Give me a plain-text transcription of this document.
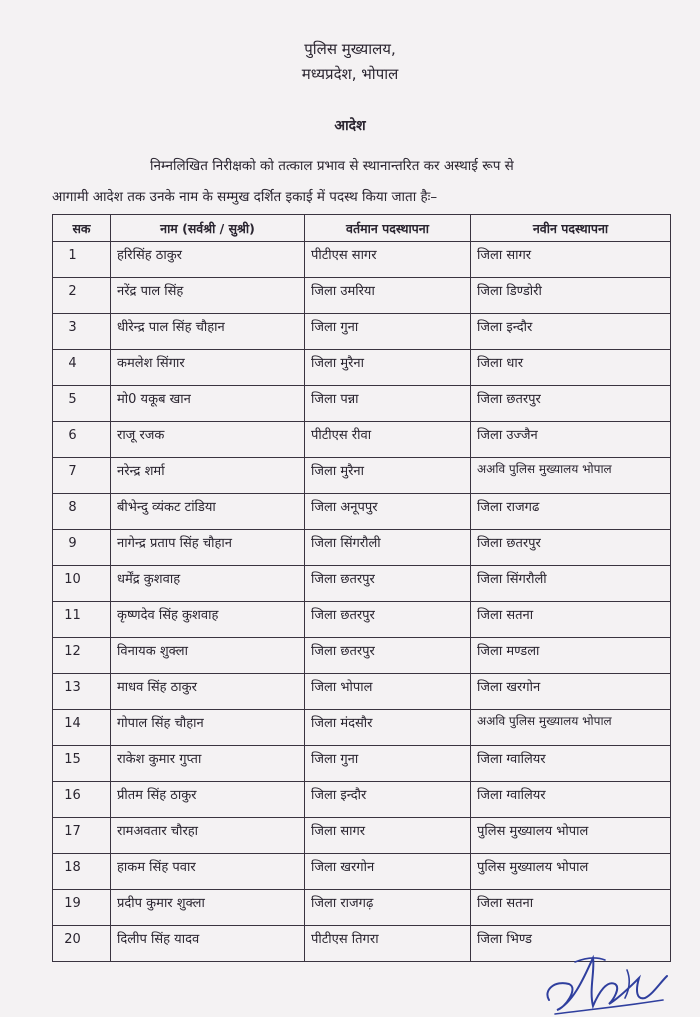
पुलिस मुख्यालय,
मध्यप्रदेश, भोपाल
आदेश
निम्नलिखित निरीक्षको को तत्काल प्रभाव से स्थानान्तरित कर अस्थाई रूप से
आगामी आदेश तक उनके नाम के सम्मुख दर्शित इकाई में पदस्थ किया जाता हैः–
सक	नाम (सर्वश्री / सुश्री)	वर्तमान पदस्थापना	नवीन पदस्थापना
1	हरिसिंह ठाकुर	पीटीएस सागर	जिला सागर
2	नरेंद्र पाल सिंह	जिला उमरिया	जिला डिण्डोरी
3	धीरेन्द्र पाल सिंह चौहान	जिला गुना	जिला इन्दौर
4	कमलेश सिंगार	जिला मुरैना	जिला धार
5	मो0 यकूब खान	जिला पन्ना	जिला छतरपुर
6	राजू रजक	पीटीएस रीवा	जिला उज्जैन
7	नरेन्द्र शर्मा	जिला मुरैना	अअवि पुलिस मुख्यालय भोपाल
8	बीभेन्दु व्यंकट टांडिया	जिला अनूपपुर	जिला राजगढ
9	नागेन्द्र प्रताप सिंह चौहान	जिला सिंगरौली	जिला छतरपुर
10	धर्मेंद्र कुशवाह	जिला छतरपुर	जिला सिंगरौली
11	कृष्णदेव सिंह कुशवाह	जिला छतरपुर	जिला सतना
12	विनायक शुक्ला	जिला छतरपुर	जिला मण्डला
13	माधव सिंह ठाकुर	जिला भोपाल	जिला खरगोन
14	गोपाल सिंह चौहान	जिला मंदसौर	अअवि पुलिस मुख्यालय भोपाल
15	राकेश कुमार गुप्ता	जिला गुना	जिला ग्वालियर
16	प्रीतम सिंह ठाकुर	जिला इन्दौर	जिला ग्वालियर
17	रामअवतार चौरहा	जिला सागर	पुलिस मुख्यालय भोपाल
18	हाकम सिंह पवार	जिला खरगोन	पुलिस मुख्यालय भोपाल
19	प्रदीप कुमार शुक्ला	जिला राजगढ़	जिला सतना
20	दिलीप सिंह यादव	पीटीएस तिगरा	जिला भिण्ड
